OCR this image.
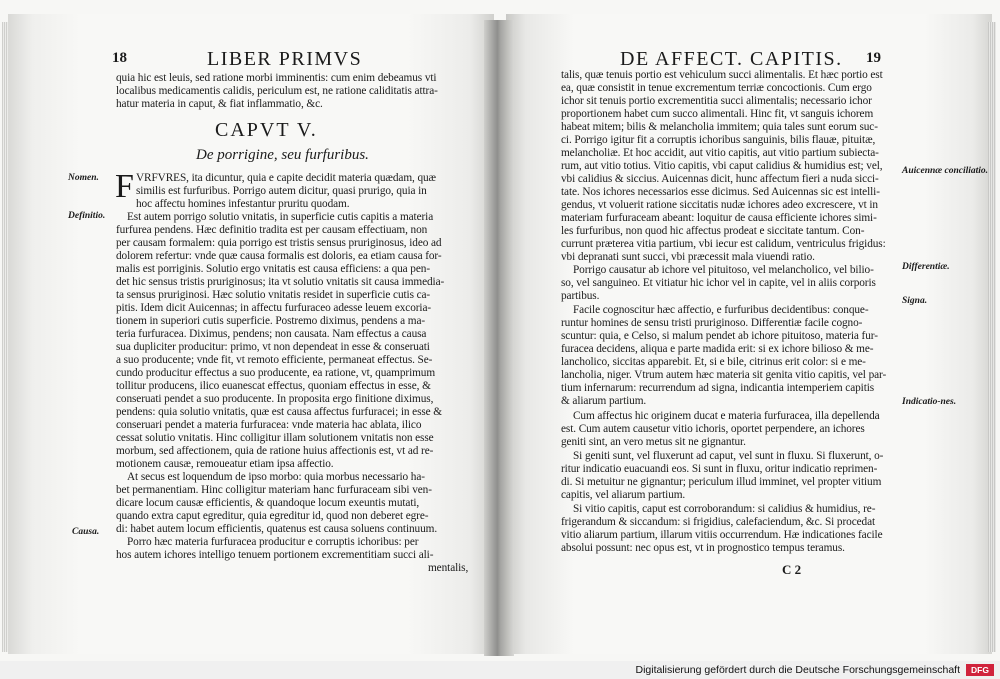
18	LIBER PRIMVS
quia hic est leuis, sed ratione morbi imminentis: cum enim debeamus vti
localibus medicamentis calidis, periculum est, ne ratione caliditatis attra-
hatur materia in caput, & fiat inflammatio, &c.
CAPVT V.
De porrigine, seu furfuribus.
Nomen.
Definitio.
Causa.
F VRFVRES, ita dicuntur, quia e capite decidit materia quædam, quæ
similis est furfuribus. Porrigo autem dicitur, quasi prurigo, quia in
hoc affectu homines infestantur pruritu quodam.
Est autem porrigo solutio vnitatis, in superficie cutis capitis a materia
furfurea pendens. Hæc definitio tradita est per causam effectiuam, non
per causam formalem: quia porrigo est tristis sensus pruriginosus, ideo ad
dolorem refertur: vnde quæ causa formalis est doloris, ea etiam causa for-
malis est porriginis. Solutio ergo vnitatis est causa efficiens: a qua pen-
det hic sensus tristis pruriginosus; ita vt solutio vnitatis sit causa immedia-
ta sensus pruriginosi. Hæc solutio vnitatis residet in superficie cutis ca-
pitis. Idem dicit Auicennas; in affectu furfuraceo adesse leuem excoria-
tionem in superiori cutis superficie. Postremo diximus, pendens a ma-
teria furfuracea. Diximus, pendens; non causata. Nam effectus a causa
sua dupliciter producitur: primo, vt non dependeat in esse & conseruati
a suo producente; vnde fit, vt remoto efficiente, permaneat effectus. Se-
cundo producitur effectus a suo producente, ea ratione, vt, quamprimum
tollitur producens, ilico euanescat effectus, quoniam effectus in esse, &
conseruati pendet a suo producente. In proposita ergo finitione diximus,
pendens: quia solutio vnitatis, quæ est causa affectus furfuracei; in esse &
conseruari pendet a materia furfuracea: vnde materia hac ablata, ilico
cessat solutio vnitatis. Hinc colligitur illam solutionem vnitatis non esse
morbum, sed affectionem, quia de ratione huius affectionis est, vt ad re-
motionem causæ, remoueatur etiam ipsa affectio.
At secus est loquendum de ipso morbo: quia morbus necessario ha-
bet permanentiam. Hinc colligitur materiam hanc furfuraceam sibi ven-
dicare locum causæ efficientis, & quandoque locum exeuntis mutati,
quando extra caput egreditur, quia egreditur id, quod non deberet egre-
di: habet autem locum efficientis, quatenus est causa soluens continuum.
Porro hæc materia furfuracea producitur e corruptis ichoribus: per
hos autem ichores intelligo tenuem portionem excrementitiam succi ali-
mentalis,
DE AFFECT. CAPITIS. 19
talis, quæ tenuis portio est vehiculum succi alimentalis. Et hæc portio est
ea, quæ consistit in tenue excrementum terriæ concoctionis. Cum ergo
ichor sit tenuis portio excrementitia succi alimentalis; necessario ichor
proportionem habet cum succo alimentali. Hinc fit, vt sanguis ichorem
habeat mitem; bilis & melancholia immitem; quia tales sunt eorum suc-
ci. Porrigo igitur fit a corruptis ichoribus sanguinis, bilis flauæ, pituitæ,
melancholiæ. Et hoc accidit, aut vitio capitis, aut vitio partium subiecta-
rum, aut vitio totius. Vitio capitis, vbi caput calidius & humidius est; vel,
vbi calidius & siccius. Auicennas dicit, hunc affectum fieri a nuda sicci-
tate. Nos ichores necessarios esse dicimus. Sed Auicennas sic est intelli-
gendus, vt voluerit ratione siccitatis nudæ ichores adeo excrescere, vt in
materiam furfuraceam abeant: loquitur de causa efficiente ichores simi-
les furfuribus, non quod hic affectus prodeat e siccitate tantum. Con-
currunt præterea vitia partium, vbi iecur est calidum, ventriculus frigidus:
vbi depranati sunt succi, vbi præcessit mala viuendi ratio.
Porrigo causatur ab ichore vel pituitoso, vel melancholico, vel bilio-
so, vel sanguineo. Et vitiatur hic ichor vel in capite, vel in aliis corporis
partibus.
Facile cognoscitur hæc affectio, e furfuribus decidentibus: conque-
runtur homines de sensu tristi pruriginoso. Differentiæ facile cogno-
scuntur: quia, e Celso, si malum pendet ab ichore pituitoso, materia fur-
furacea decidens, aliqua e parte madida erit: si ex ichore bilioso & me-
lancholico, siccitas apparebit. Et, si e bile, citrinus erit color: si e me-
lancholia, niger. Vtrum autem hæc materia sit genita vitio capitis, vel par-
tium infernarum: recurrendum ad signa, indicantia intemperiem capitis
& aliarum partium.
Cum affectus hic originem ducat e materia furfuracea, illa depellenda
est. Cum autem causetur vitio ichoris, oportet perpendere, an ichores
geniti sint, an vero metus sit ne gignantur.
Si geniti sunt, vel fluxerunt ad caput, vel sunt in fluxu. Si fluxerunt, o-
ritur indicatio euacuandi eos. Si sunt in fluxu, oritur indicatio reprimen-
di. Si metuitur ne gignantur; periculum illud imminet, vel propter vitium
capitis, vel aliarum partium.
Si vitio capitis, caput est corroborandum: si calidius & humidius, re-
frigerandum & siccandum: si frigidius, calefaciendum, &c. Si procedat
vitio aliarum partium, illarum vitiis occurrendum. Hæ indicationes facile
absolui possunt: nec opus est, vt in prognostico tempus teramus.
C 2
Auicennæ conciliatio.
Differentiæ.
Signa.
Indicatio-nes.
Digitalisierung gefördert durch die Deutsche Forschungsgemeinschaft	DFG
